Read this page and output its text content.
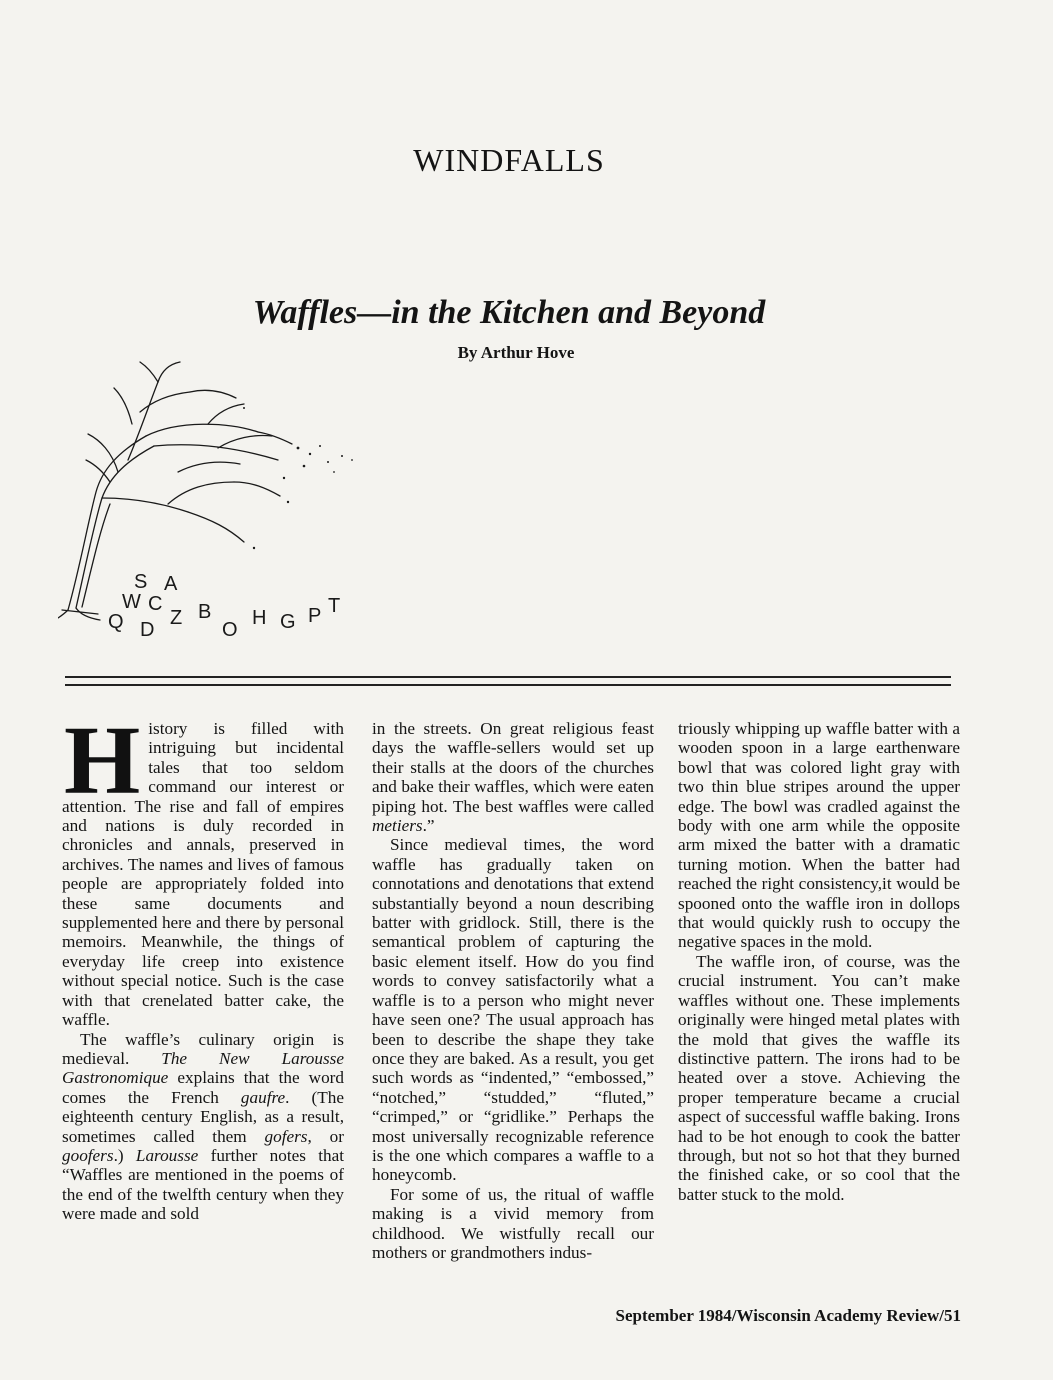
WINDFALLS
Waffles—in the Kitchen and Beyond
By Arthur Hove
S A
W C
Z B
Q D	O
H G P T

History is filled with intriguing but incidental tales that too seldom command our interest or attention. The rise and fall of empires and nations is duly recorded in chronicles and annals, preserved in archives. The names and lives of famous people are appropriately folded into these same documents and supplemented here and there by personal memoirs. Meanwhile, the things of everyday life creep into existence without special notice. Such is the case with that crenelated batter cake, the waffle.

The waffle’s culinary origin is medieval. The New Larousse Gastronomique explains that the word comes the French gaufre. (The eighteenth century English, as a result, sometimes called them gofers, or goofers.) Larousse further notes that “Waffles are mentioned in the poems of the end of the twelfth century when they were made and sold

in the streets. On great religious feast days the waffle-sellers would set up their stalls at the doors of the churches and bake their waffles, which were eaten piping hot. The best waffles were called metiers.”

Since medieval times, the word waffle has gradually taken on connotations and denotations that extend substantially beyond a noun describing batter with gridlock. Still, there is the semantical problem of capturing the basic element itself. How do you find words to convey satisfactorily what a waffle is to a person who might never have seen one? The usual approach has been to describe the shape they take once they are baked. As a result, you get such words as “indented,” “embossed,” “notched,” “studded,” “fluted,” “crimped,” or “gridlike.” Perhaps the most universally recognizable reference is the one which compares a waffle to a honeycomb.

For some of us, the ritual of waffle making is a vivid memory from childhood. We wistfully recall our mothers or grandmothers indus-

triously whipping up waffle batter with a wooden spoon in a large earthenware bowl that was colored light gray with two thin blue stripes around the upper edge. The bowl was cradled against the body with one arm while the opposite arm mixed the batter with a dramatic turning motion. When the batter had reached the right consistency,it would be spooned onto the waffle iron in dollops that would quickly rush to occupy the negative spaces in the mold.

The waffle iron, of course, was the crucial instrument. You can’t make waffles without one. These implements originally were hinged metal plates with the mold that gives the waffle its distinctive pattern. The irons had to be heated over a stove. Achieving the proper temperature became a crucial aspect of successful waffle baking. Irons had to be hot enough to cook the batter through, but not so hot that they burned the finished cake, or so cool that the batter stuck to the mold.

September 1984/Wisconsin Academy Review/51
